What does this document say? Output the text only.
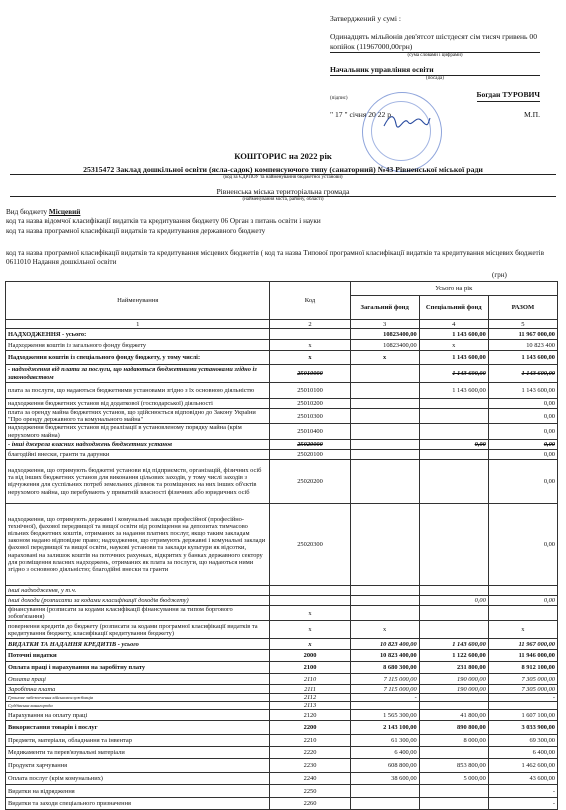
Затверджений у сумі :
Одинадцять мільйонів дев'ятсот шістдесят сім тисяч гривень 00 копійок (11967000,00грн)
(сума словами і цифрами)
Начальник управління освіти
(посада)
(підпис)	Богдан ТУРОВИЧ
" 17 " січня 20 22 р.	М.П.
КОШТОРИС на 2022 рік
25315472 Заклад дошкільної освіти (ясла-садок) компенсуючого типу (санаторний) №43 Рівненської міської ради
(код за ЄДРПОУ та найменування бюджетної установи)
Рівненська міська територіальна громада
(найменування міста, району, області)
Вид бюджету Місцевий
код та назва відомчої класифікації видатків та кредитування бюджету 06 Орган з питань освіти і науки
код та назва програмної класифікації видатків та кредитування державного бюджету
код та назва програмної класифікації видатків та кредитування місцевих бюджетів ( код та назва Типової програмної класифікації видатків та кредитування місцевих бюджетів 0611010 Надання дошкільної освіти
(грн)
Найменування	Код	Усього на рік		
		Загальний фонд	Спеціальний фонд	РАЗОМ
1	2	3	4	5
НАДХОДЖЕННЯ - усього:		10823400,00	1 143 600,00	11 967 000,00
Надходження коштів із загального фонду бюджету	x	10823400,00	x	10 823 400
Надходження коштів із спеціального фонду бюджету, у тому числі:	x	x	1 143 600,00	1 143 600,00
- надходження від плати за послуги, що надаються бюджетними установами згідно із законодавством	25010000		1 143 600,00	1 143 600,00
плата за послуги, що надаються бюджетними установами згідно з їх основною діяльністю	25010100		1 143 600,00	1 143 600,00
надходження бюджетних установ від додаткової (господарської) діяльності	25010200			0,00
плата за оренду майна бюджетних установ, що здійснюється відповідно до Закону України "Про оренду державного та комунального майна"	25010300			0,00
надходження бюджетних установ від реалізації в установленому порядку майна (крім нерухомого майна)	25010400			0,00
- інші джерела власних надходжень бюджетних установ	25020000		0,00	0,00
благодійні внески, гранти та дарунки	25020100			0,00
надходження, що отримують бюджетні установи від підприємств, організацій, фізичних осіб та від інших бюджетних установ для виконання цільових заходів, у тому числі заходів з відчуження для суспільних потреб земельних ділянок та розміщених на них інших об'єктів нерухомого майна, що перебувають у приватній власності фізичних або юридичних осіб	25020200			0,00
надходження, що отримують державні і комунальні заклади професійної (професійно-технічної), фахової передвищої та вищої освіти від розміщення на депозитах тимчасово вільних бюджетних коштів, отриманих за надання платних послуг, якщо таким закладам законом надано відповідне право; надходження, що отримують державні і комунальні заклади фахової передвищої та вищої освіти, наукові установи та заклади культури як відсотки, нараховані на залишок коштів на поточних рахунках, відкритих у банках державного сектору для розміщення власних надходжень, отриманих як плата за послуги, що надаються ними згідно з основною діяльністю; благодійні внески та гранти	25020300			0,00
інші надходження, у т.ч.				
інші доходи (розписати за кодами класифікації доходів бюджету)			0,00	0,00
фінансування (розписати за кодами класифікації фінансування за типом боргового зобов'язання)	x			
повернення кредитів до бюджету (розписати за кодами програмної класифікації видатків та кредитування бюджету, класифікації кредитування бюджету)	x	x		x
ВИДАТКИ ТА НАДАННЯ КРЕДИТІВ - усього	x	10 823 400,00	1 143 600,00	11 967 000,00
Поточні видатки	2000	10 823 400,00	1 122 600,00	11 946 000,00
Оплата праці і нарахування на заробітну плату	2100	8 680 300,00	231 800,00	8 912 100,00
Оплата праці	2110	7 115 000,00	190 000,00	7 305 000,00
Заробітна плата	2111	7 115 000,00	190 000,00	7 305 000,00
Грошове забезпечення військовослужбовців	2112	-		-
Суддівська винагорода	2113			
Нарахування на оплату праці	2120	1 565 300,00	41 800,00	1 607 100,00
Використання товарів і послуг	2200	2 143 100,00	890 800,00	3 033 900,00
Предмети, матеріали, обладнання та інвентар	2210	61 300,00	8 000,00	69 300,00
Медикаменти та перев'язувальні матеріали	2220	6 400,00		6 400,00
Продукти харчування	2230	608 800,00	853 800,00	1 462 600,00
Оплата послуг (крім комунальних)	2240	38 600,00	5 000,00	43 600,00
Видатки на відрядження	2250			-
Видатки та заходи спеціального призначення	2260			-
